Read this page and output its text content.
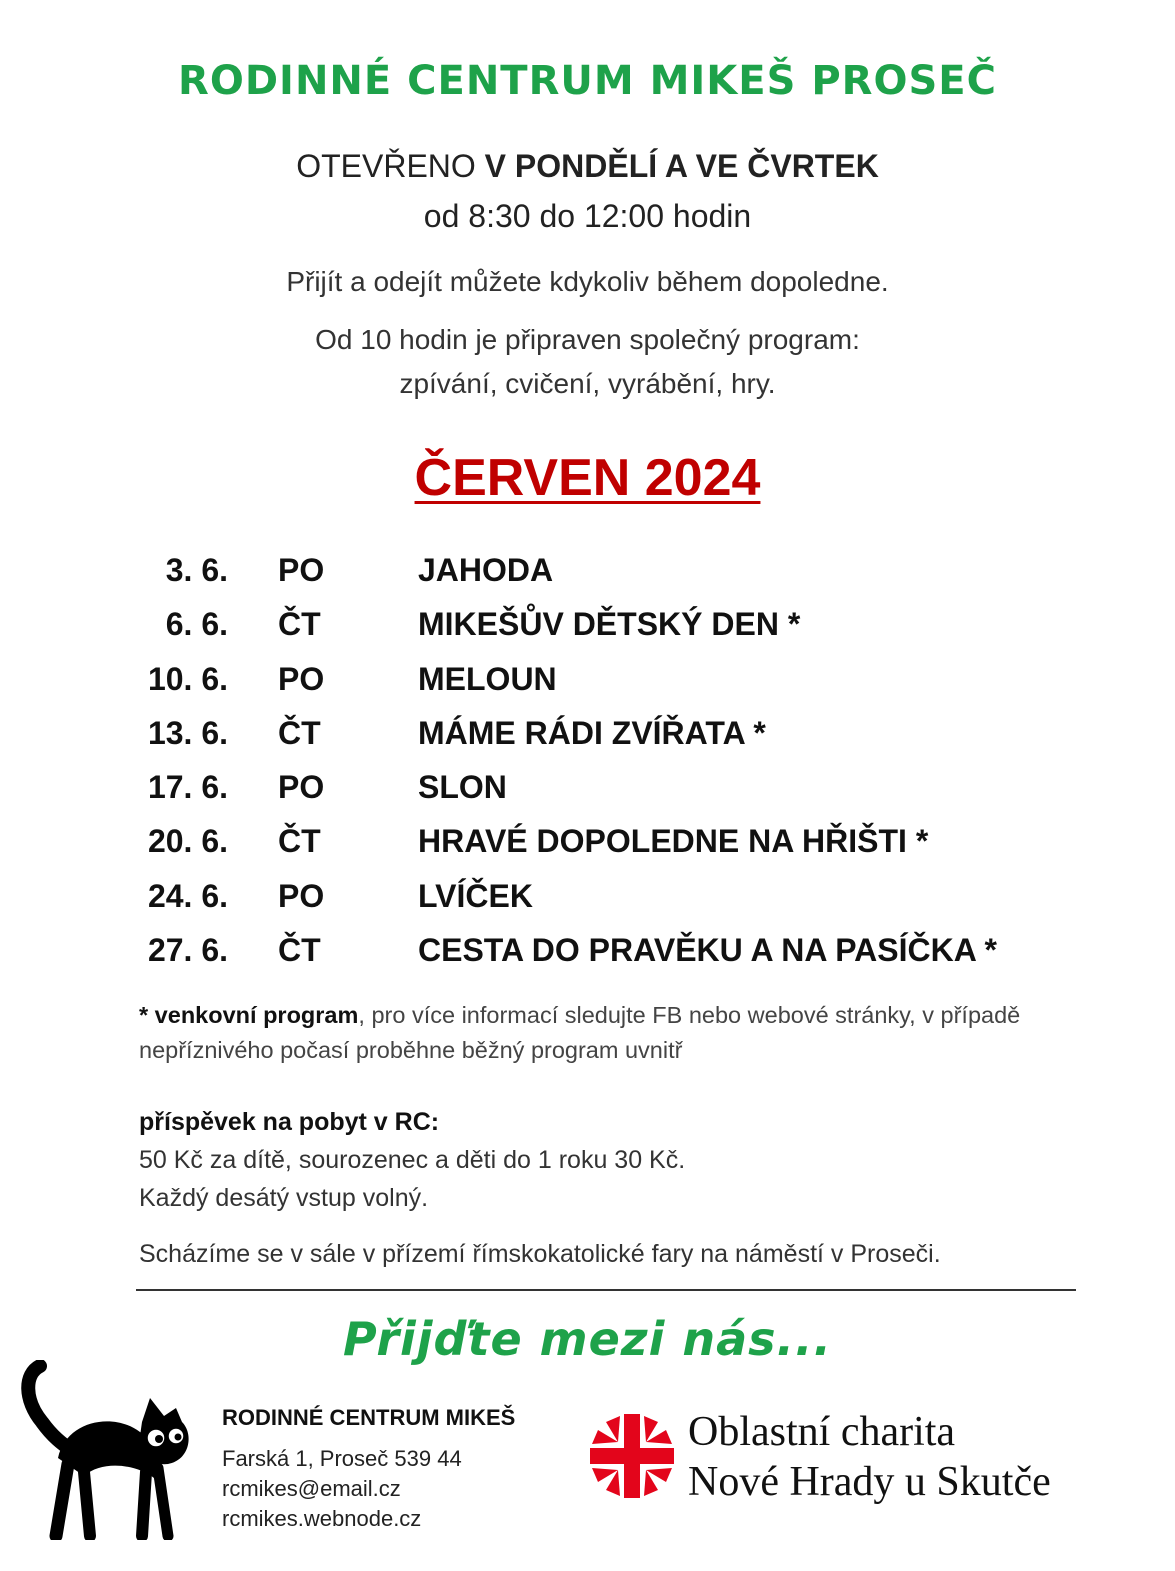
RODINNÉ CENTRUM MIKEŠ PROSEČ
OTEVŘENO V PONDĚLÍ A VE ČVRTEK
od 8:30 do 12:00 hodin
Přijít a odejít můžete kdykoliv během dopoledne.
Od 10 hodin je připraven společný program:
zpívání, cvičení, vyrábění, hry.
ČERVEN 2024
3. 6. PO	JAHODA
6. 6. ČT	MIKEŠŮV DĚTSKÝ DEN *
10. 6. PO	MELOUN
13. 6. ČT	MÁME RÁDI ZVÍŘATA *
17. 6. PO	SLON
20. 6. ČT	HRAVÉ DOPOLEDNE NA HŘIŠTI *
24. 6. PO	LVÍČEK
27. 6. ČT	CESTA DO PRAVĚKU A NA PASÍČKA *
* venkovní program, pro více informací sledujte FB nebo webové stránky, v případě nepříznivého počasí proběhne běžný program uvnitř
příspěvek na pobyt v RC:
50 Kč za dítě, sourozenec a děti do 1 roku 30 Kč.
Každý desátý vstup volný.
Scházíme se v sále v přízemí římskokatolické fary na náměstí v Proseči.
Přijďte mezi nás...
RODINNÉ CENTRUM MIKEŠ
Farská 1, Proseč 539 44
rcmikes@email.cz
rcmikes.webnode.cz
Oblastní charita
Nové Hrady u Skutče
